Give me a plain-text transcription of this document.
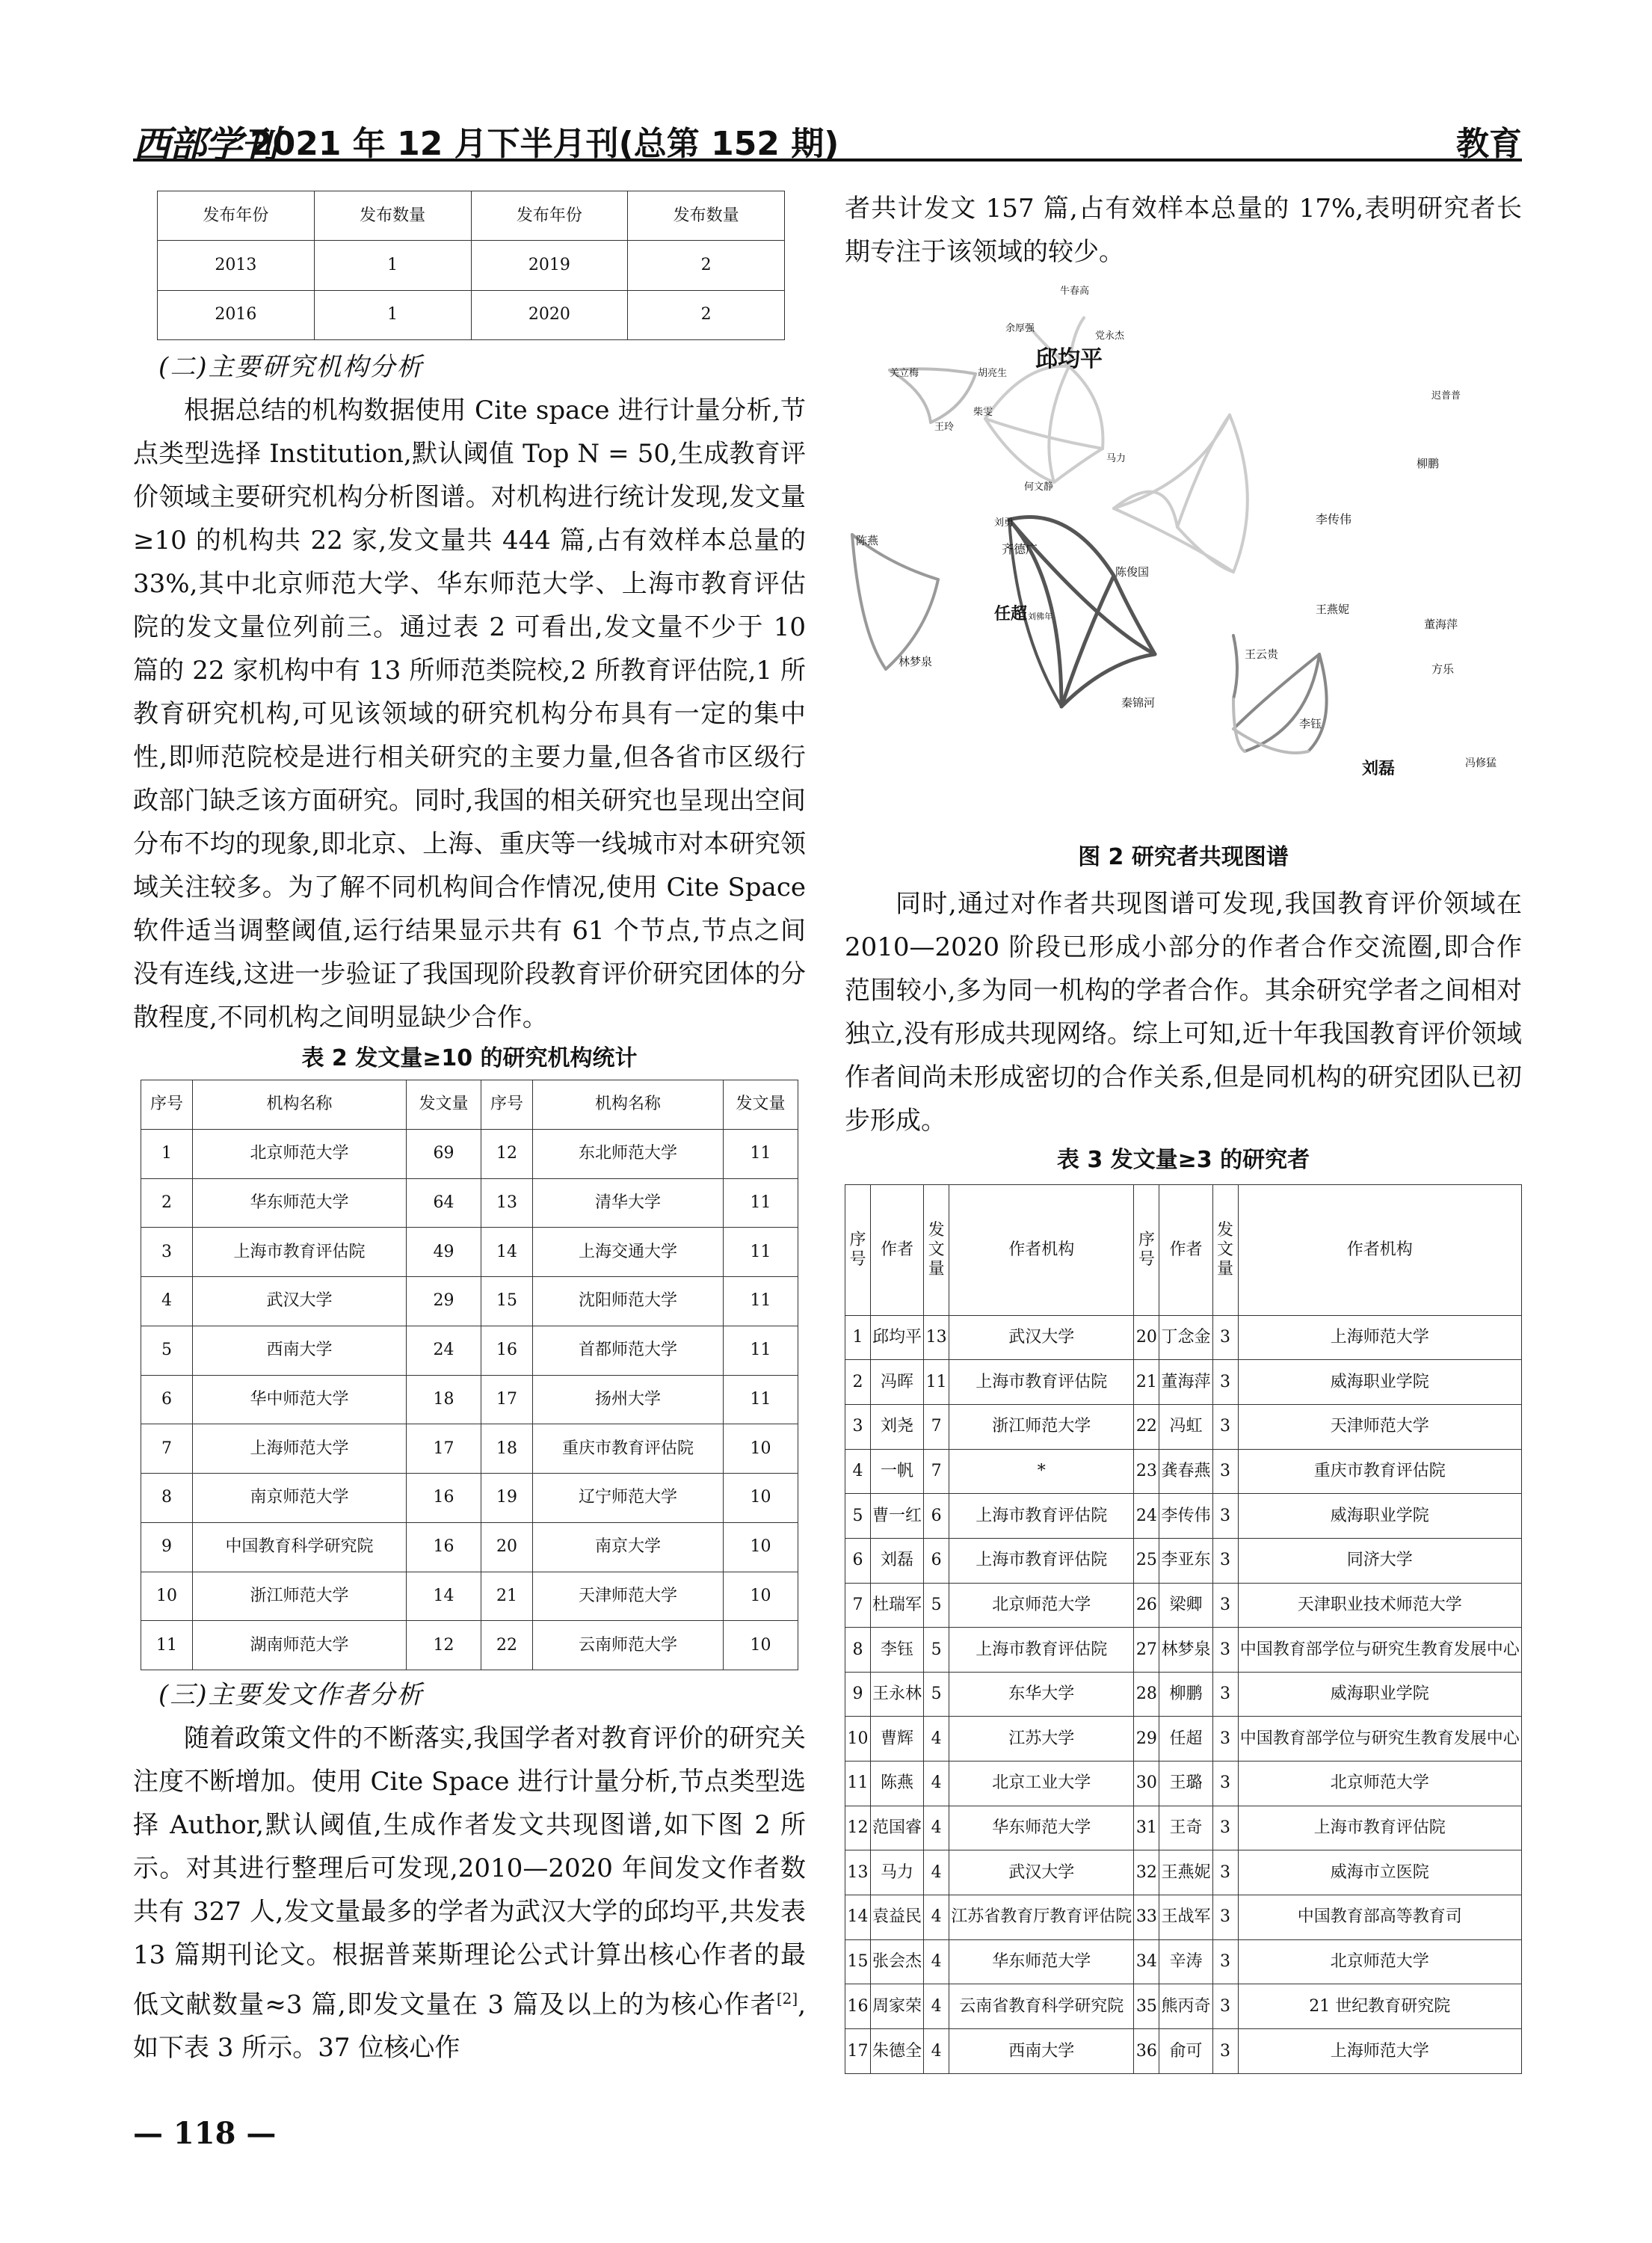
西部学刊
2021 年 12 月下半月刊(总第 152 期)	教育
发布年份	发布数量	发布年份	发布数量
2013	1	2019	2
2016	1	2020	2

(二)主要研究机构分析

根据总结的机构数据使用 Cite space 进行计量分析,节点类型选择 Institution,默认阈值 Top N = 50,生成教育评价领域主要研究机构分析图谱。对机构进行统计发现,发文量≥10 的机构共 22 家,发文量共 444 篇,占有效样本总量的 33%,其中北京师范大学、华东师范大学、上海市教育评估院的发文量位列前三。通过表 2 可看出,发文量不少于 10 篇的 22 家机构中有 13 所师范类院校,2 所教育评估院,1 所教育研究机构,可见该领域的研究机构分布具有一定的集中性,即师范院校是进行相关研究的主要力量,但各省市区级行政部门缺乏该方面研究。同时,我国的相关研究也呈现出空间分布不均的现象,即北京、上海、重庆等一线城市对本研究领域关注较多。为了解不同机构间合作情况,使用 Cite Space 软件适当调整阈值,运行结果显示共有 61 个节点,节点之间没有连线,这进一步验证了我国现阶段教育评价研究团体的分散程度,不同机构之间明显缺少合作。

表 2 发文量≥10 的研究机构统计
序号	机构名称	发文量	序号	机构名称	发文量
1	北京师范大学	69	12	东北师范大学	11
2	华东师范大学	64	13	清华大学	11
3	上海市教育评估院	49	14	上海交通大学	11
4	武汉大学	29	15	沈阳师范大学	11
5	西南大学	24	16	首都师范大学	11
6	华中师范大学	18	17	扬州大学	11
7	上海师范大学	17	18	重庆市教育评估院	10
8	南京师范大学	16	19	辽宁师范大学	10
9	中国教育科学研究院	16	20	南京大学	10
10	浙江师范大学	14	21	天津师范大学	10
11	湖南师范大学	12	22	云南师范大学	10

(三)主要发文作者分析

随着政策文件的不断落实,我国学者对教育评价的研究关注度不断增加。使用 Cite Space 进行计量分析,节点类型选择 Author,默认阈值,生成作者发文共现图谱,如下图 2 所示。对其进行整理后可发现,2010—2020 年间发文作者数共有 327 人,发文量最多的学者为武汉大学的邱均平,共发表 13 篇期刊论文。根据普莱斯理论公式计算出核心作者的最低文献数量≈3 篇,即发文量在 3 篇及以上的为核心作者[2],如下表 3 所示。37 位核心作

者共计发文 157 篇,占有效样本总量的 17%,表明研究者长期专注于该领域的较少。

牛春高
余厚强
党永杰
关立梅	胡亮生
邱均平
迟普普
王玲
柴雯
马力
何文静
柳鹏
李传伟
刘勇
陈燕
齐德广
陈俊国
王燕妮
董海萍
任超 刘佛年
林梦泉
王云贵
秦锦河
方乐
李钰
刘磊	冯修猛
图 2 研究者共现图谱

同时,通过对作者共现图谱可发现,我国教育评价领域在 2010—2020 阶段已形成小部分的作者合作交流圈,即合作范围较小,多为同一机构的学者合作。其余研究学者之间相对独立,没有形成共现网络。综上可知,近十年我国教育评价领域作者间尚未形成密切的合作关系,但是同机构的研究团队已初步形成。

表 3 发文量≥3 的研究者
序号	作者	发文量	作者机构	序号	作者	发文量	作者机构
1	邱均平	13	武汉大学	20	丁念金	3	上海师范大学
2	冯晖	11	上海市教育评估院	21	董海萍	3	威海职业学院
3	刘尧	7	浙江师范大学	22	冯虹	3	天津师范大学
4	一帆	7	*	23	龚春燕	3	重庆市教育评估院
5	曹一红	6	上海市教育评估院	24	李传伟	3	威海职业学院
6	刘磊	6	上海市教育评估院	25	李亚东	3	同济大学
7	杜瑞军	5	北京师范大学	26	梁卿	3	天津职业技术师范大学
8	李钰	5	上海市教育评估院	27	林梦泉	3	中国教育部学位与研究生教育发展中心
9	王永林	5	东华大学	28	柳鹏	3	威海职业学院
10	曹辉	4	江苏大学	29	任超	3	中国教育部学位与研究生教育发展中心
11	陈燕	4	北京工业大学	30	王璐	3	北京师范大学
12	范国睿	4	华东师范大学	31	王奇	3	上海市教育评估院
13	马力	4	武汉大学	32	王燕妮	3	威海市立医院
14	袁益民	4	江苏省教育厅教育评估院	33	王战军	3	中国教育部高等教育司
15	张会杰	4	华东师范大学	34	辛涛	3	北京师范大学
16	周家荣	4	云南省教育科学研究院	35	熊丙奇	3	21 世纪教育研究院
17	朱德全	4	西南大学	36	俞可	3	上海师范大学
— 118 —
